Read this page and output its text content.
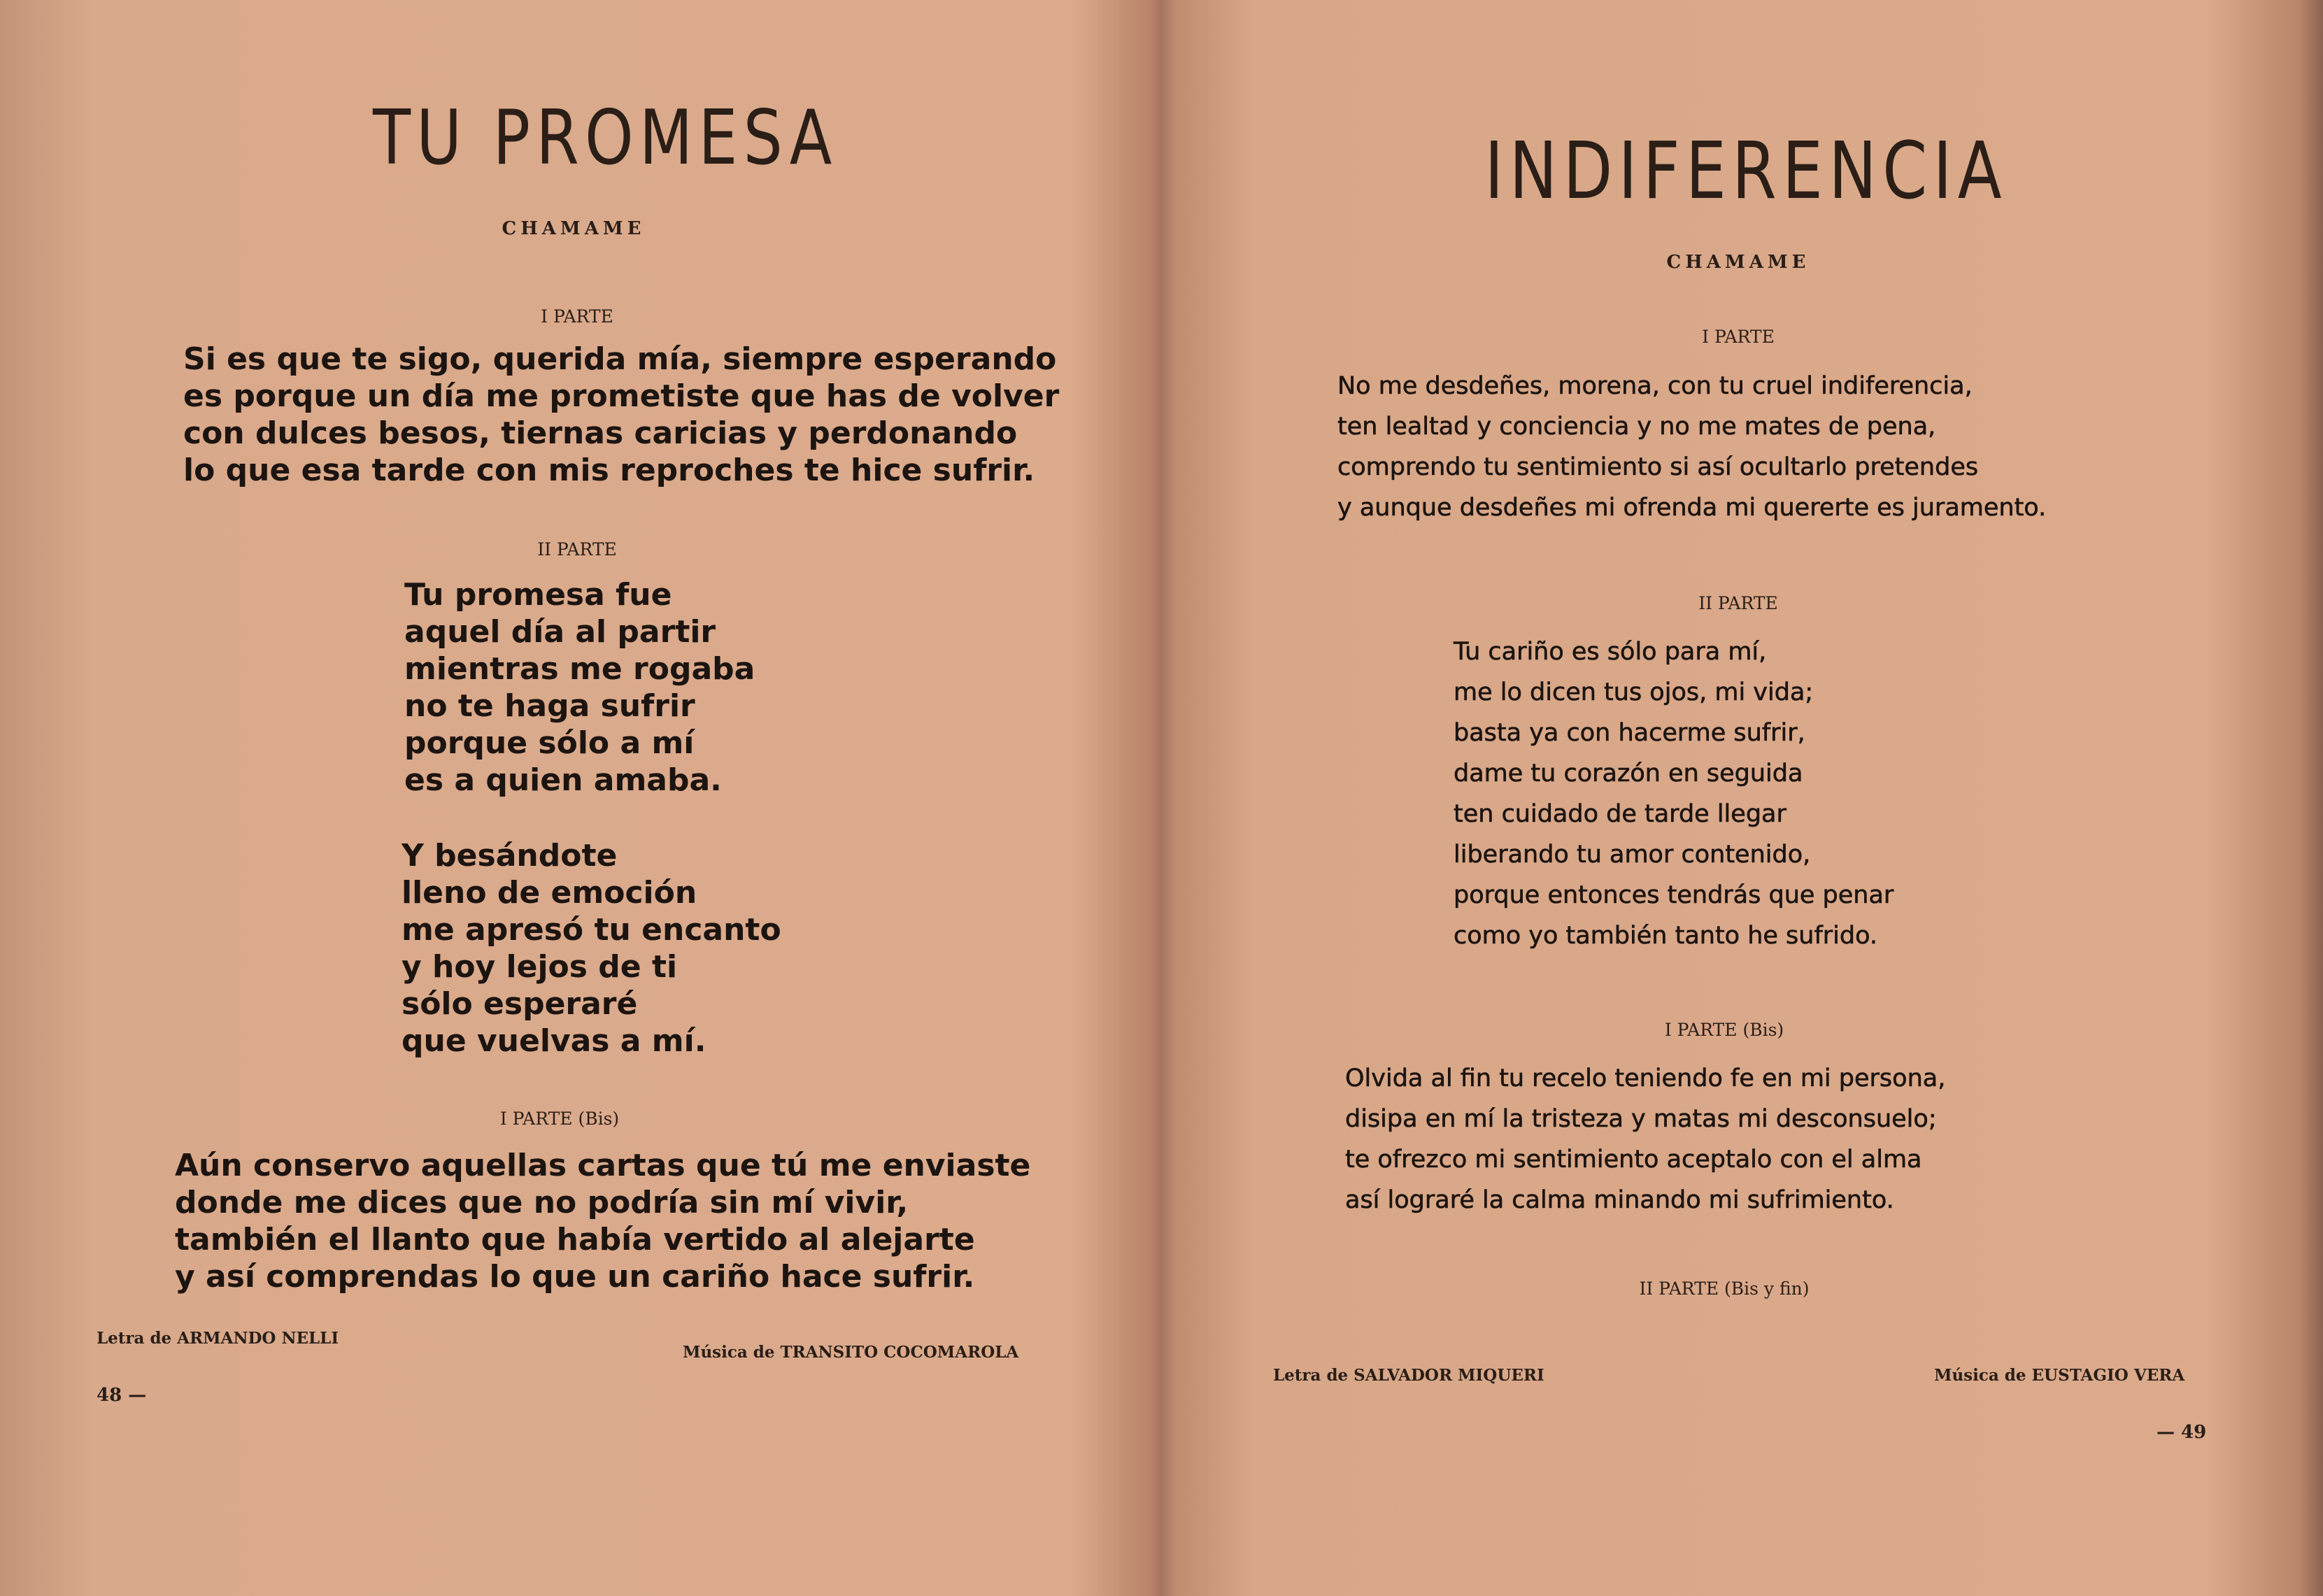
TU PROMESA
CHAMAME
I PARTE
Si es que te sigo, querida mía, siempre esperando
es porque un día me prometiste que has de volver
con dulces besos, tiernas caricias y perdonando
lo que esa tarde con mis reproches te hice sufrir.
II PARTE
Tu promesa fue
aquel día al partir
mientras me rogaba
no te haga sufrir
porque sólo a mí
es a quien amaba.
Y besándote
lleno de emoción
me apresó tu encanto
y hoy lejos de ti
sólo esperaré
que vuelvas a mí.
I PARTE (Bis)
Aún conservo aquellas cartas que tú me enviaste
donde me dices que no podría sin mí vivir,
también el llanto que había vertido al alejarte
y así comprendas lo que un cariño hace sufrir.
Letra de ARMANDO NELLI
Música de TRANSITO COCOMAROLA
48 —
INDIFERENCIA
CHAMAME
I PARTE
No me desdeñes, morena, con tu cruel indiferencia,
ten lealtad y conciencia y no me mates de pena,
comprendo tu sentimiento si así ocultarlo pretendes
y aunque desdeñes mi ofrenda mi quererte es juramento.
II PARTE
Tu cariño es sólo para mí,
me lo dicen tus ojos, mi vida;
basta ya con hacerme sufrir,
dame tu corazón en seguida
ten cuidado de tarde llegar
liberando tu amor contenido,
porque entonces tendrás que penar
como yo también tanto he sufrido.
I PARTE (Bis)
Olvida al fin tu recelo teniendo fe en mi persona,
disipa en mí la tristeza y matas mi desconsuelo;
te ofrezco mi sentimiento aceptalo con el alma
así lograré la calma minando mi sufrimiento.
II PARTE (Bis y fin)
Letra de SALVADOR MIQUERI	Música de EUSTAGIO VERA
— 49
